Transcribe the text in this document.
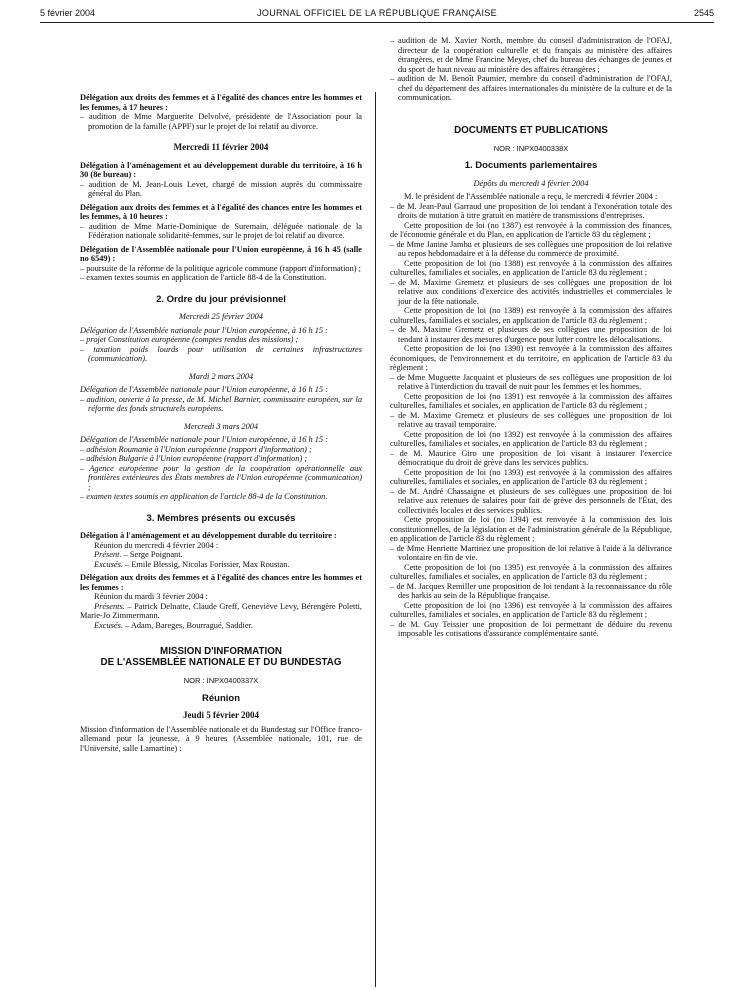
5 février 2004	JOURNAL OFFICIEL DE LA RÉPUBLIQUE FRANÇAISE	2545

Délégation aux droits des femmes et à l'égalité des chances entre les hommes et les femmes, à 17 heures :

– audition de Mme Marguerite Delvolvé, présidente de l'Association pour la promotion de la famille (APPF) sur le projet de loi relatif au divorce.

Mercredi 11 février 2004

Délégation à l'aménagement et au développement durable du territoire, à 16 h 30 (8e bureau) :

– audition de M. Jean-Louis Levet, chargé de mission auprès du commissaire général du Plan.

Délégation aux droits des femmes et à l'égalité des chances entre les hommes et les femmes, à 10 heures :

– audition de Mme Marie-Dominique de Suremain, déléguée nationale de la Fédération nationale solidarité-femmes, sur le projet de loi relatif au divorce.

Délégation de l'Assemblée nationale pour l'Union européenne, à 16 h 45 (salle no 6549) :

– poursuite de la réforme de la politique agricole commune (rapport d'information) ;

– examen textes soumis en application de l'article 88-4 de la Constitution.

2. Ordre du jour prévisionnel

Mercredi 25 février 2004

Délégation de l'Assemblée nationale pour l'Union européenne, à 16 h 15 :

– projet Constitution européenne (comptes rendus des missions) ;

– taxation poids lourds pour utilisation de certaines infrastructures (communication).

Mardi 2 mars 2004

Délégation de l'Assemblée nationale pour l'Union européenne, à 16 h 15 :

– audition, ouverte à la presse, de M. Michel Barnier, commissaire européen, sur la réforme des fonds structurels européens.

Mercredi 3 mars 2004

Délégation de l'Assemblée nationale pour l'Union européenne, à 16 h 15 :

– adhésion Roumanie à l'Union européenne (rapport d'information) ;

– adhésion Bulgarie à l'Union européenne (rapport d'information) ;

– Agence européenne pour la gestion de la coopération opérationnelle aux frontières extérieures des États membres de l'Union européenne (communication) ;

– examen textes soumis en application de l'article 88-4 de la Constitution.

3. Membres présents ou excusés

Délégation à l'aménagement et au développement durable du territoire :

Réunion du mercredi 4 février 2004 :

Présent. – Serge Poignant.

Excusés. – Emile Blessig, Nicolas Forissier, Max Roustan.

Délégation aux droits des femmes et à l'égalité des chances entre les hommes et les femmes :

Réunion du mardi 3 février 2004 :

Présents. – Patrick Delnatte, Claude Greff, Geneviève Levy, Bérengère Poletti, Marie-Jo Zimmermann.

Excusés. – Adam, Bareges, Bourragué, Saddier.

MISSION D'INFORMATION

DE L'ASSEMBLÉE NATIONALE ET DU BUNDESTAG

NOR : INPX0400337X

Réunion

Jeudi 5 février 2004

Mission d'information de l'Assemblée nationale et du Bundestag sur l'Office franco-allemand pour la jeunesse, à 9 heures (Assemblée nationale, 101, rue de l'Université, salle Lamartine) :

– audition de M. Xavier North, membre du conseil d'administration de l'OFAJ, directeur de la coopération culturelle et du français au ministère des affaires étrangères, et de Mme Francine Meyer, chef du bureau des échanges de jeunes et du sport de haut niveau au ministère des affaires étrangères ;

– audition de M. Benoît Paumier, membre du conseil d'administration de l'OFAJ, chef du département des affaires internationales du ministère de la culture et de la communication.

DOCUMENTS ET PUBLICATIONS

NOR : INPX0400338X

1. Documents parlementaires

Dépôts du mercredi 4 février 2004

M. le président de l'Assemblée nationale a reçu, le mercredi 4 février 2004 :

– de M. Jean-Paul Garraud une proposition de loi tendant à l'exonération totale des droits de mutation à titre gratuit en matière de transmissions d'entreprises.

Cette proposition de loi (no 1387) est renvoyée à la commission des finances, de l'économie générale et du Plan, en application de l'article 83 du règlement ;

– de Mme Janine Jambu et plusieurs de ses collègues une proposition de loi relative au repos hebdomadaire et à la défense du commerce de proximité.

Cette proposition de loi (no 1388) est renvoyée à la commission des affaires culturelles, familiales et sociales, en application de l'article 83 du règlement ;

– de M. Maxime Gremetz et plusieurs de ses collègues une proposition de loi relative aux conditions d'exercice des activités industrielles et commerciales le jour de la fête nationale.

Cette proposition de loi (no 1389) est renvoyée à la commission des affaires culturelles, familiales et sociales, en application de l'article 83 du règlement ;

– de M. Maxime Gremetz et plusieurs de ses collègues une proposition de loi tendant à instaurer des mesures d'urgence pour lutter contre les délocalisations.

Cette proposition de loi (no 1390) est renvoyée à la commission des affaires économiques, de l'environnement et du territoire, en application de l'article 83 du règlement ;

– de Mme Muguette Jacquaint et plusieurs de ses collègues une proposition de loi relative à l'interdiction du travail de nuit pour les femmes et les hommes.

Cette proposition de loi (no 1391) est renvoyée à la commission des affaires culturelles, familiales et sociales, en application de l'article 83 du règlement ;

– de M. Maxime Gremetz et plusieurs de ses collègues une proposition de loi relative au travail temporaire.

Cette proposition de loi (no 1392) est renvoyée à la commission des affaires culturelles, familiales et sociales, en application de l'article 83 du règlement ;

– de M. Maurice Giro une proposition de loi visant à instaurer l'exercice démocratique du droit de grève dans les services publics.

Cette proposition de loi (no 1393) est renvoyée à la commission des affaires culturelles, familiales et sociales, en application de l'article 83 du règlement ;

– de M. André Chassaigne et plusieurs de ses collègues une proposition de loi relative aux retenues de salaires pour fait de grève des personnels de l'État, des collectivités locales et des services publics.

Cette proposition de loi (no 1394) est renvoyée à la commission des lois constitutionnelles, de la législation et de l'administration générale de la République, en application de l'article 83 du règlement ;

– de Mme Henriette Martinez une proposition de loi relative à l'aide à la délivrance volontaire en fin de vie.

Cette proposition de loi (no 1395) est renvoyée à la commission des affaires culturelles, familiales et sociales, en application de l'article 83 du règlement ;

– de M. Jacques Remiller une proposition de loi tendant à la reconnaissance du rôle des harkis au sein de la République française.

Cette proposition de loi (no 1396) est renvoyée à la commission des affaires culturelles, familiales et sociales, en application de l'article 83 du règlement ;

– de M. Guy Teissier une proposition de loi permettant de déduire du revenu imposable les cotisations d'assurance complémentaire santé.
